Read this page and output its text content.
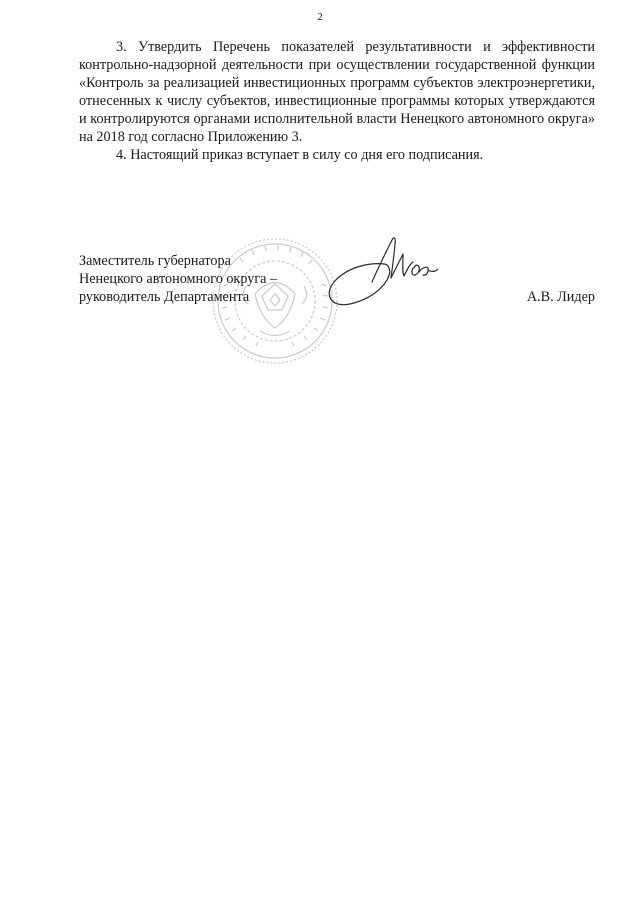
2

3. Утвердить Перечень показателей результативности и эффективности контрольно-надзорной деятельности при осуществлении государственной функции «Контроль за реализацией инвестиционных программ субъектов электроэнергетики, отнесенных к числу субъектов, инвестиционные программы которых утверждаются и контролируются органами исполнительной власти Ненецкого автономного округа» на 2018 год согласно Приложению 3.

4. Настоящий приказ вступает в силу со дня его подписания.

Заместитель губернатора
Ненецкого автономного округа –
руководитель Департамента	А.В. Лидер
